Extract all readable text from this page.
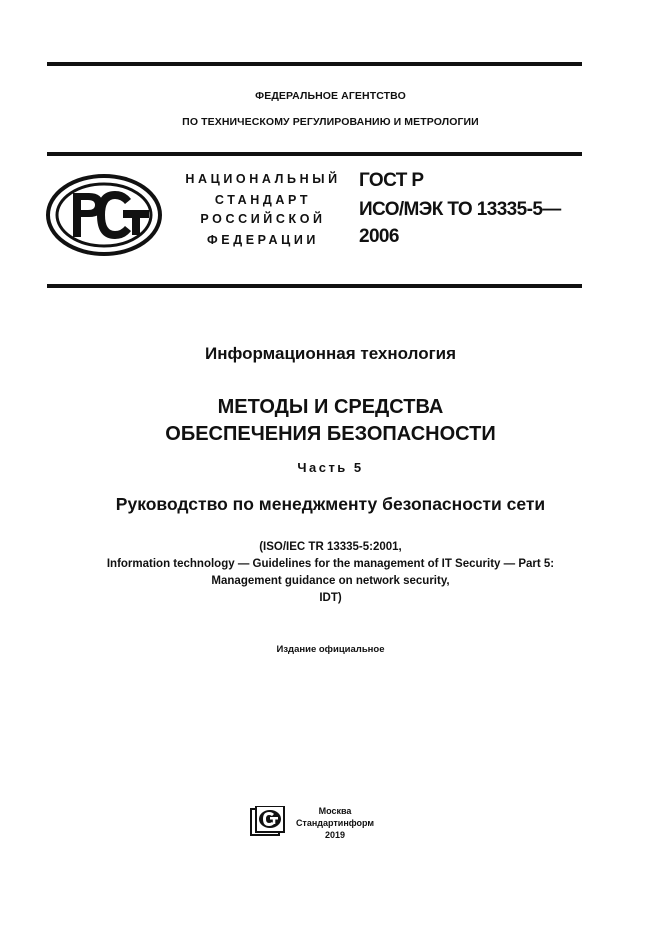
ФЕДЕРАЛЬНОЕ АГЕНТСТВО
ПО ТЕХНИЧЕСКОМУ РЕГУЛИРОВАНИЮ И МЕТРОЛОГИИ
НАЦИОНАЛЬНЫЙ
СТАНДАРТ
РОССИЙСКОЙ
ФЕДЕРАЦИИ
ГОСТ Р
ИСО/МЭК ТО 13335-5—
2006
Информационная технология
МЕТОДЫ И СРЕДСТВА
ОБЕСПЕЧЕНИЯ БЕЗОПАСНОСТИ
Часть 5
Руководство по менеджменту безопасности сети
(ISO/IEC TR 13335-5:2001,
Information technology — Guidelines for the management of IT Security — Part 5:
Management guidance on network security,
IDT)
Издание официальное
Москва
Стандартинформ
2019
